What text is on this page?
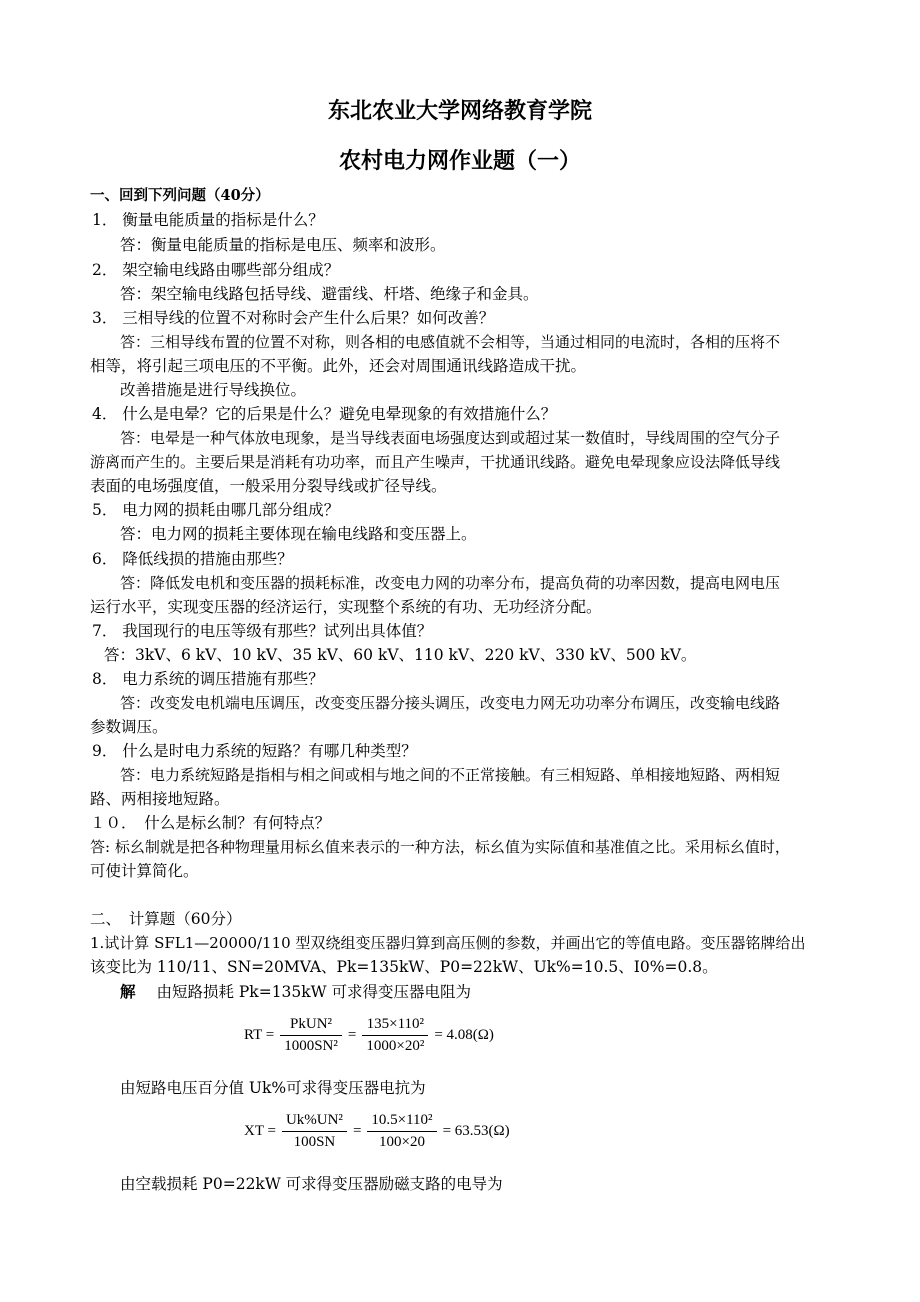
东北农业大学网络教育学院
农村电力网作业题（一）
一、回到下列问题（40分）
1． 衡量电能质量的指标是什么？
答：衡量电能质量的指标是电压、频率和波形。
2． 架空输电线路由哪些部分组成？
答：架空输电线路包括导线、避雷线、杆塔、绝缘子和金具。
3． 三相导线的位置不对称时会产生什么后果？如何改善？
答：三相导线布置的位置不对称，则各相的电感值就不会相等，当通过相同的电流时，各相的压将不
相等，将引起三项电压的不平衡。此外，还会对周围通讯线路造成干扰。
改善措施是进行导线换位。
4． 什么是电晕？它的后果是什么？避免电晕现象的有效措施什么？
答：电晕是一种气体放电现象，是当导线表面电场强度达到或超过某一数值时，导线周围的空气分子
游离而产生的。主要后果是消耗有功功率，而且产生噪声，干扰通讯线路。避免电晕现象应设法降低导线
表面的电场强度值，一般采用分裂导线或扩径导线。
5． 电力网的损耗由哪几部分组成？
答：电力网的损耗主要体现在输电线路和变压器上。
6． 降低线损的措施由那些？
答：降低发电机和变压器的损耗标准，改变电力网的功率分布，提高负荷的功率因数，提高电网电压
运行水平，实现变压器的经济运行，实现整个系统的有功、无功经济分配。
7． 我国现行的电压等级有那些？试列出具体值？
答：3kV、6 kV、10 kV、35 kV、60 kV、110 kV、220 kV、330 kV、500 kV。
8． 电力系统的调压措施有那些？
答：改变发电机端电压调压，改变变压器分接头调压，改变电力网无功功率分布调压，改变输电线路
参数调压。
9． 什么是时电力系统的短路？有哪几种类型？
答：电力系统短路是指相与相之间或相与地之间的不正常接触。有三相短路、单相接地短路、两相短
路、两相接地短路。
１０．　什么是标幺制？有何特点？
答: 标幺制就是把各种物理量用标幺值来表示的一种方法，标幺值为实际值和基准值之比。采用标幺值时，
可使计算简化。
二、　计算题（60分）
1.试计算 SFL1—20000/110 型双绕组变压器归算到高压侧的参数，并画出它的等值电路。变压器铭牌给出
该变比为 110/11、SN=20MVA、Pk=135kW、P0=22kW、Uk%=10.5、I0%=0.8。
解 由短路损耗 Pk=135kW 可求得变压器电阻为
RT = $\frac{\text{PkUN²}}{\text{1000SN²}} = \frac{\text{135×110²}}{\text{1000×20²}} = 4.08(\Omega)$
由短路电压百分值 Uk%可求得变压器电抗为
XT = $\frac{\text{Uk\%UN²}}{100SN} = \frac{\text{10.5×110²}}{100\times 20} = 63.53(\Omega)$
由空载损耗 P0=22kW 可求得变压器励磁支路的电导为
